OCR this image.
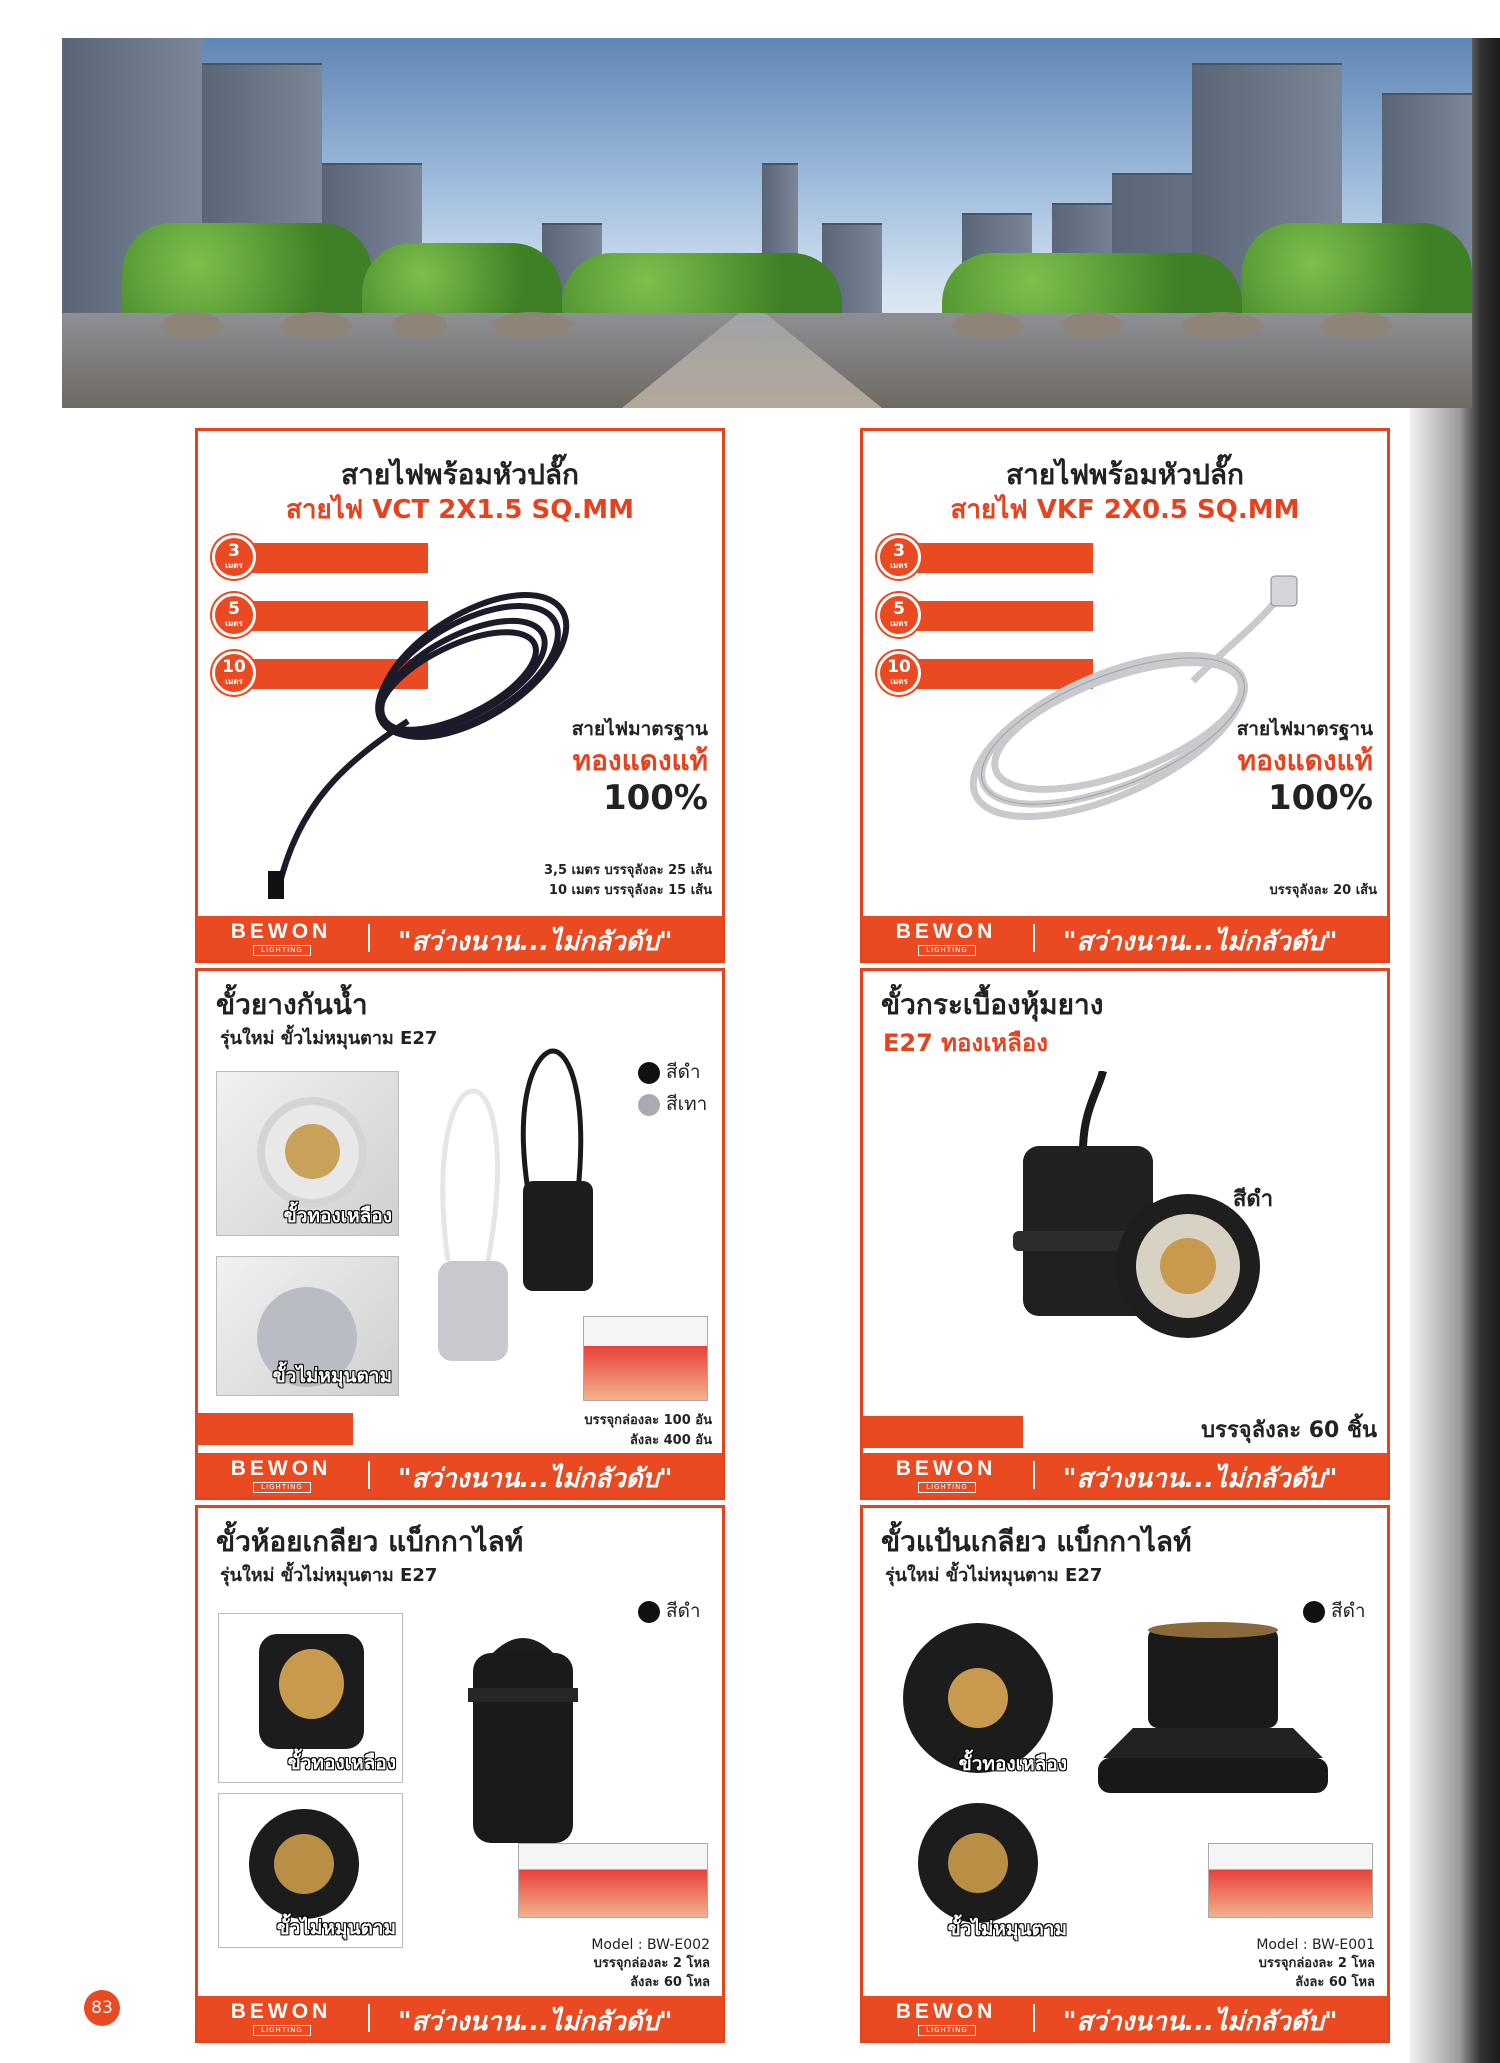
สายไฟพร้อมหัวปลั๊ก
สายไฟ VCT 2X1.5 SQ.MM
3
เมตร
5
เมตร
10
เมตร
สายไฟมาตรฐาน
ทองแดงแท้
100%
3,5 เมตร บรรจุลังละ 25 เส้น
10 เมตร บรรจุลังละ 15 เส้น
BEWON
LIGHTING	"สว่างนาน...ไม่กลัวดับ"
สายไฟพร้อมหัวปลั๊ก
สายไฟ VKF 2X0.5 SQ.MM
3
เมตร
5
เมตร
10
เมตร
สายไฟมาตรฐาน
ทองแดงแท้
100%
บรรจุลังละ 20 เส้น
BEWON
LIGHTING	"สว่างนาน...ไม่กลัวดับ"
ขั้วยางกันน้ำ
รุ่นใหม่ ขั้วไม่หมุนตาม E27
สีดำ
สีเทา
ขั้วทองเหลือง
ขั้วไม่หมุนตาม
บรรจุกล่องละ 100 อัน
ลังละ 400 อัน
BEWON
LIGHTING	"สว่างนาน...ไม่กลัวดับ"
ขั้วกระเบื้องหุ้มยาง
E27 ทองเหลือง
สีดำ
บรรจุลังละ 60 ชิ้น
BEWON
LIGHTING	"สว่างนาน...ไม่กลัวดับ"
ขั้วห้อยเกลียว แบ็กกาไลท์
รุ่นใหม่ ขั้วไม่หมุนตาม E27
สีดำ
ขั้วทองเหลือง
ขั้วไม่หมุนตาม
Model : BW-E002
บรรจุกล่องละ 2 โหล
ลังละ 60 โหล
BEWON
LIGHTING	"สว่างนาน...ไม่กลัวดับ"
ขั้วแป้นเกลียว แบ็กกาไลท์
รุ่นใหม่ ขั้วไม่หมุนตาม E27
สีดำ
ขั้วทองเหลือง
ขั้วไม่หมุนตาม
Model : BW-E001
บรรจุกล่องละ 2 โหล
ลังละ 60 โหล
BEWON
LIGHTING	"สว่างนาน...ไม่กลัวดับ"
83
